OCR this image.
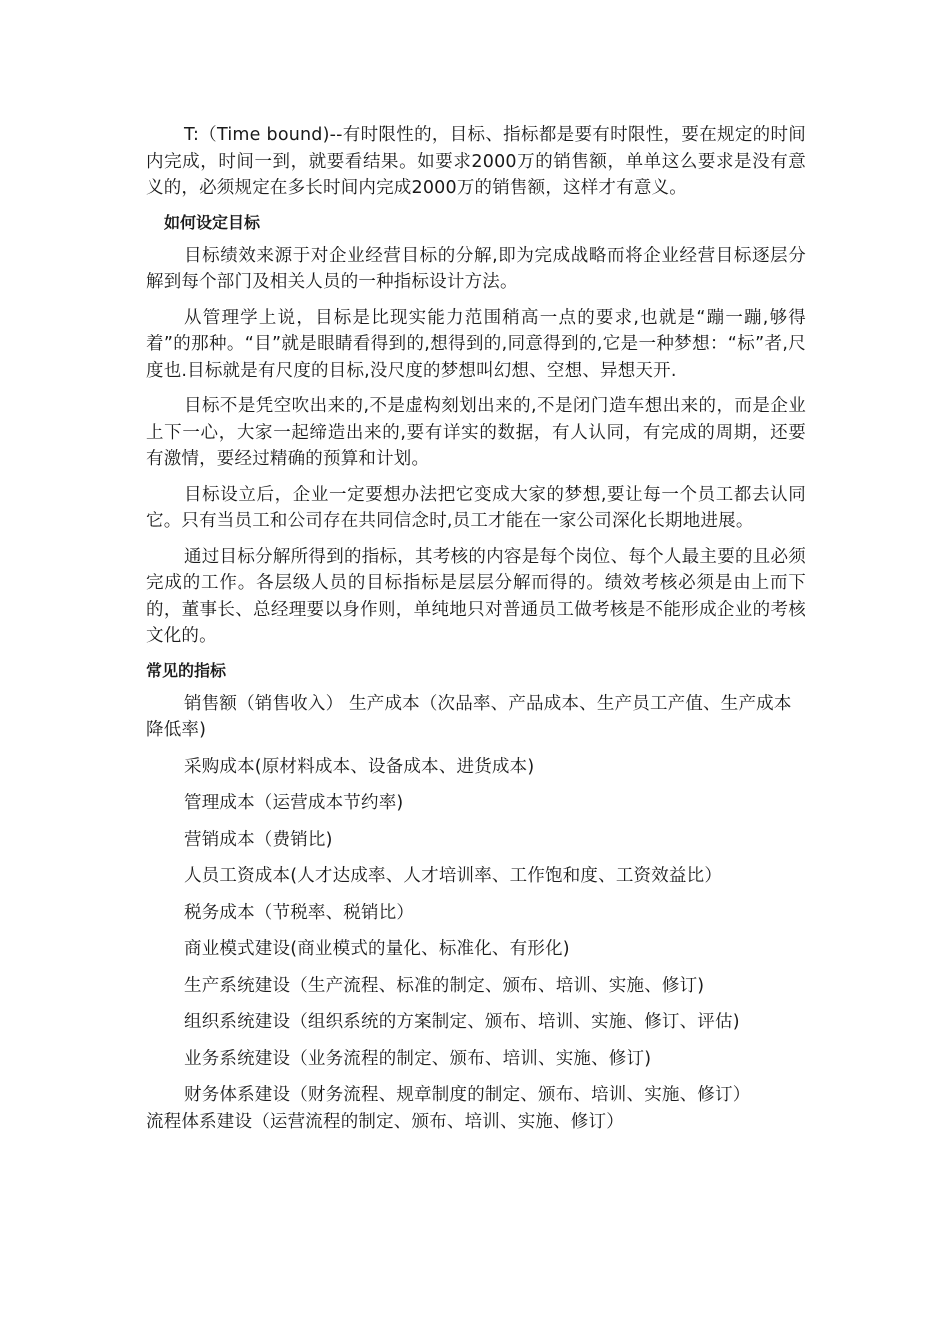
T:（Time bound)--有时限性的，目标、指标都是要有时限性，要在规定的时间内完成，时间一到，就要看结果。如要求2000万的销售额，单单这么要求是没有意义的，必须规定在多长时间内完成2000万的销售额，这样才有意义。

如何设定目标

目标绩效来源于对企业经营目标的分解,即为完成战略而将企业经营目标逐层分解到每个部门及相关人员的一种指标设计方法。

从管理学上说，目标是比现实能力范围稍高一点的要求,也就是“蹦一蹦,够得着”的那种。“目”就是眼睛看得到的,想得到的,同意得到的,它是一种梦想：“标”者,尺度也.目标就是有尺度的目标,没尺度的梦想叫幻想、空想、异想天开.

目标不是凭空吹出来的,不是虚构刻划出来的,不是闭门造车想出来的，而是企业上下一心，大家一起缔造出来的,要有详实的数据，有人认同，有完成的周期，还要有激情，要经过精确的预算和计划。

目标设立后，企业一定要想办法把它变成大家的梦想,要让每一个员工都去认同它。只有当员工和公司存在共同信念时,员工才能在一家公司深化长期地进展。

通过目标分解所得到的指标，其考核的内容是每个岗位、每个人最主要的且必须完成的工作。各层级人员的目标指标是层层分解而得的。绩效考核必须是由上而下的，董事长、总经理要以身作则，单纯地只对普通员工做考核是不能形成企业的考核文化的。

常见的指标

销售额（销售收入） 生产成本（次品率、产品成本、生产员工产值、生产成本降低率)

采购成本(原材料成本、设备成本、进货成本)

管理成本（运营成本节约率)

营销成本（费销比)

人员工资成本(人才达成率、人才培训率、工作饱和度、工资效益比）

税务成本（节税率、税销比）

商业模式建设(商业模式的量化、标准化、有形化)

生产系统建设（生产流程、标准的制定、颁布、培训、实施、修订)

组织系统建设（组织系统的方案制定、颁布、培训、实施、修订、评估)

业务系统建设（业务流程的制定、颁布、培训、实施、修订)

财务体系建设（财务流程、规章制度的制定、颁布、培训、实施、修订）

流程体系建设（运营流程的制定、颁布、培训、实施、修订）
